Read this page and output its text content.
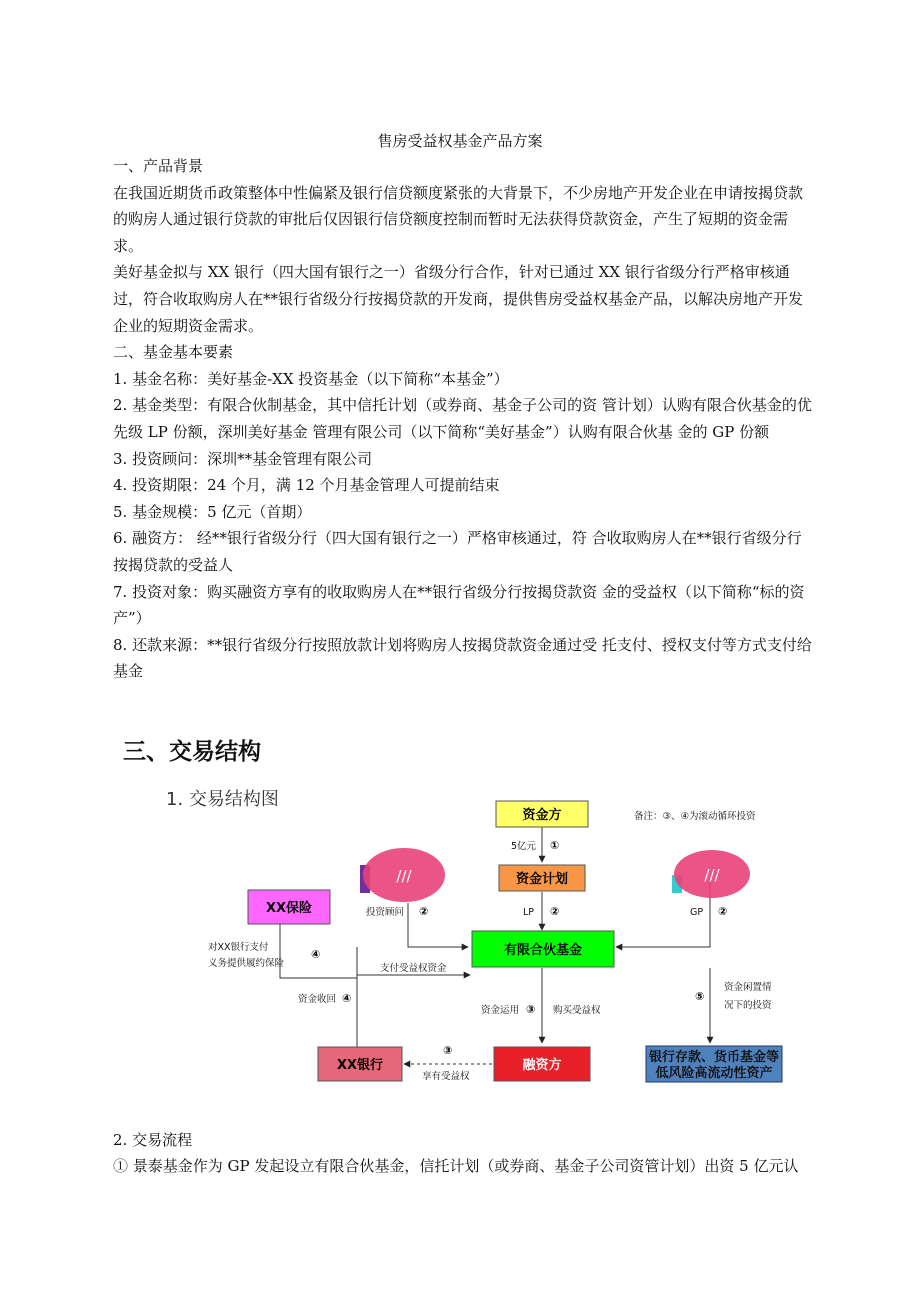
售房受益权基金产品方案

一、产品背景

在我国近期货币政策整体中性偏紧及银行信贷额度紧张的大背景下，不少房地产开发企业在申请按揭贷款的购房人通过银行贷款的审批后仅因银行信贷额度控制而暂时无法获得贷款资金，产生了短期的资金需求。

美好基金拟与 XX 银行（四大国有银行之一）省级分行合作，针对已通过 XX 银行省级分行严格审核通过，符合收取购房人在**银行省级分行按揭贷款的开发商，提供售房受益权基金产品，以解决房地产开发企业的短期资金需求。

二、基金基本要素

1. 基金名称：美好基金-XX 投资基金（以下简称“本基金”）

2. 基金类型：有限合伙制基金，其中信托计划（或券商、基金子公司的资 管计划）认购有限合伙基金的优先级 LP 份额，深圳美好基金 管理有限公司（以下简称“美好基金”）认购有限合伙基 金的 GP 份额

3. 投资顾问：深圳**基金管理有限公司

4. 投资期限：24 个月，满 12 个月基金管理人可提前结束

5. 基金规模：5 亿元（首期）

6. 融资方： 经**银行省级分行（四大国有银行之一）严格审核通过，符 合收取购房人在**银行省级分行按揭贷款的受益人

7. 投资对象：购买融资方享有的收取购房人在**银行省级分行按揭贷款资 金的受益权（以下简称“标的资产”）

8. 还款来源：**银行省级分行按照放款计划将购房人按揭贷款资金通过受 托支付、授权支付等方式支付给基金

三、交易结构
1. 交易结构图
资金方
资金计划
XX保险
有限合伙基金
XX银行	融资方
银行存款、货币基金等
低风险高流动性资产
///	///
备注：③、④为滚动循环投资
5亿元 ①
投资顾问 ②	LP ②	GP ②
对XX银行支付
义务提供履约保险
④
支付受益权资金
资金收回 ④
资金运用 ③ 购买受益权
资金闲置情
况下的投资
⑤
③
享有受益权
2. 交易流程
① 景泰基金作为 GP 发起设立有限合伙基金，信托计划（或券商、基金子公司资管计划）出资 5 亿元认
